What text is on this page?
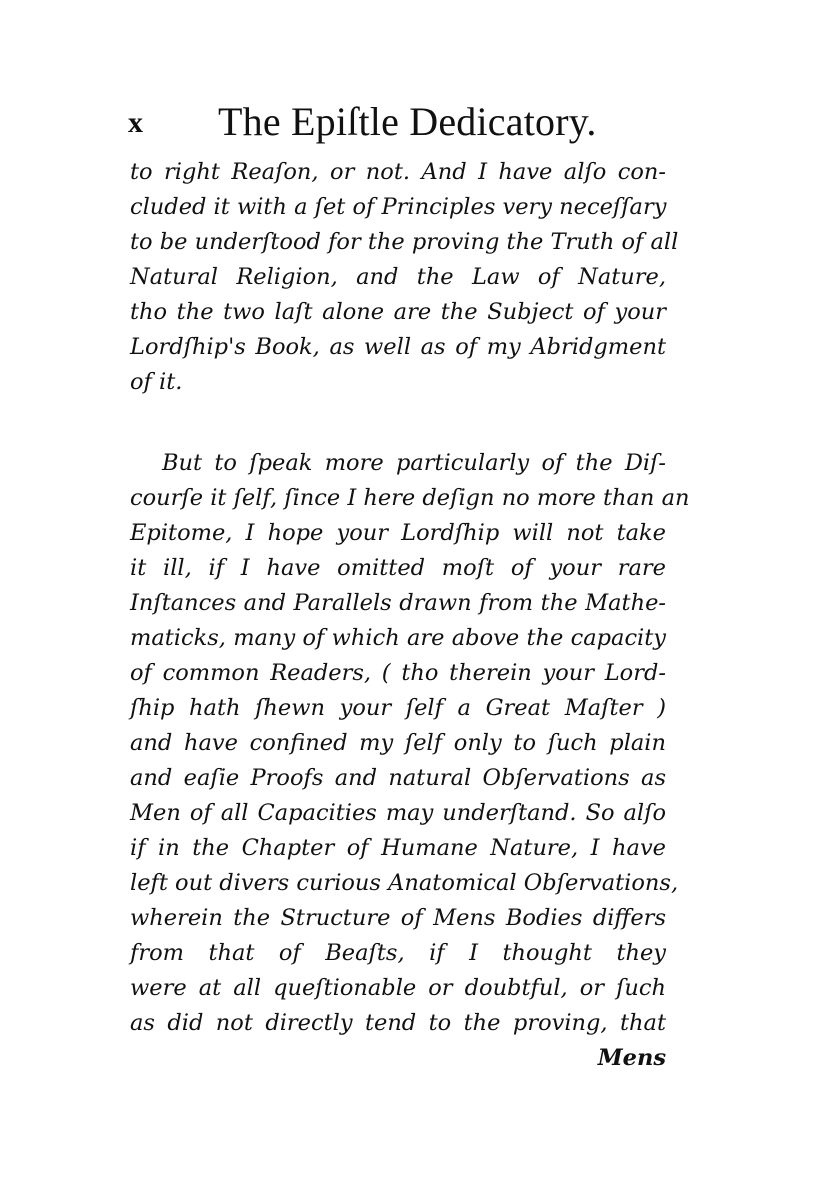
x The Epiſtle Dedicatory.
to right Reaſon, or not. And I have alſo con-
cluded it with a ſet of Principles very neceſſary
to be underſtood for the proving the Truth of all
Natural Religion, and the Law of Nature,
tho the two laſt alone are the Subject of your
Lordſhip's Book, as well as of my Abridgment
of it.
But to ſpeak more particularly of the Diſ-
courſe it ſelf, ſince I here deſign no more than an
Epitome, I hope your Lordſhip will not take
it ill, if I have omitted moſt of your rare
Inſtances and Parallels drawn from the Mathe-
maticks, many of which are above the capacity
of common Readers, ( tho therein your Lord-
ſhip hath ſhewn your ſelf a Great Maſter )
and have confined my ſelf only to ſuch plain
and eaſie Proofs and natural Obſervations as
Men of all Capacities may underſtand. So alſo
if in the Chapter of Humane Nature, I have
left out divers curious Anatomical Obſervations,
wherein the Structure of Mens Bodies differs
from that of Beaſts, if I thought they
were at all queſtionable or doubtful, or ſuch
as did not directly tend to the proving, that
Mens
